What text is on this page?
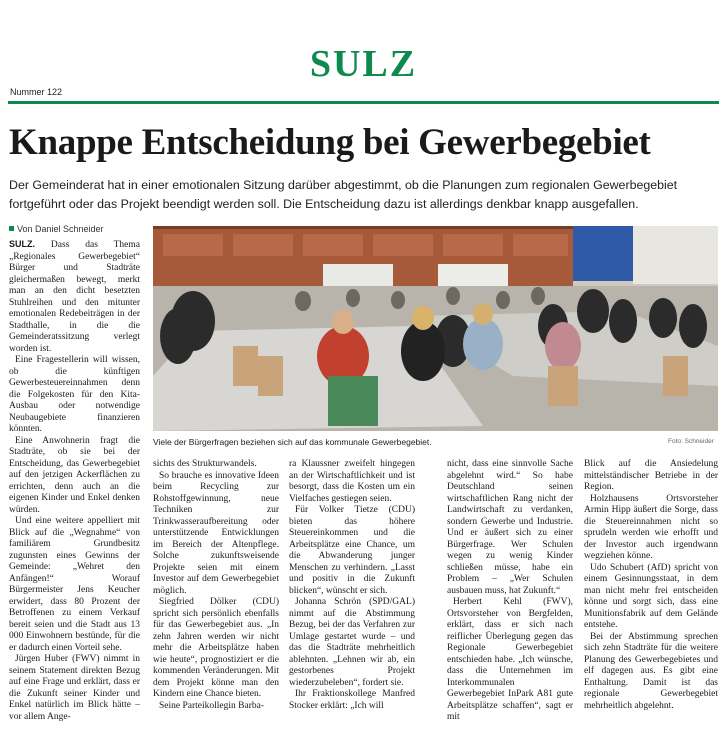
SULZ
Nummer 122
Knappe Entscheidung bei Gewerbegebiet
Der Gemeinderat hat in einer emotionalen Sitzung darüber abgestimmt, ob die Planungen zum regionalen Gewerbegebiet fortgeführt oder das Projekt beendigt werden soll. Die Entscheidung dazu ist allerdings denkbar knapp ausgefallen.
Von Daniel Schneider

SULZ. Dass das Thema „Regionales Gewerbegebiet“ Bürger und Stadträte gleichermaßen bewegt, merkt man an den dicht besetzten Stuhlreihen und den mitunter emotionalen Redebeiträgen in der Stadthalle, in die die Gemeinderatssitzung verlegt worden ist.

Eine Fragestellerin will wissen, ob die künftigen Gewerbesteuereinnahmen denn die Folgekosten für den Kita-Ausbau oder notwendige Neubaugebiete finanzieren könnten.

Eine Anwohnerin fragt die Stadträte, ob sie bei der Entscheidung, das Gewerbegebiet auf den jetzigen Ackerflächen zu errichten, denn auch an die eigenen Kinder und Enkel denken würden.

Und eine weitere appelliert mit Blick auf die „Wegnahme“ von familiärem Grundbesitz zugunsten eines Gewinns der Gemeinde: „Wehret den Anfängen!“ Worauf Bürgermeister Jens Keucher erwidert, dass 80 Prozent der Betroffenen zu einem Verkauf bereit seien und die Stadt aus 13 000 Einwohnern bestünde, für die er dadurch einen Vorteil sehe.

Jürgen Huber (FWV) nimmt in seinem Statement direkten Bezug auf eine Frage und erklärt, dass er die Zukunft seiner Kinder und Enkel natürlich im Blick hätte – vor allem Ange-

Viele der Bürgerfragen beziehen sich auf das kommunale Gewerbegebiet.	Foto: Schneider

sichts des Strukturwandels.

So brauche es innovative Ideen beim Recycling zur Rohstoffgewinnung, neue Techniken zur Trinkwasseraufbereitung oder unterstützende Entwicklungen im Bereich der Altenpflege. Solche zukunftsweisende Projekte seien mit einem Investor auf dem Gewerbegebiet möglich.

Siegfried Dölker (CDU) spricht sich persönlich ebenfalls für das Gewerbegebiet aus. „In zehn Jahren werden wir nicht mehr die Arbeitsplätze haben wie heute“, prognostiziert er die kommenden Veränderungen. Mit dem Projekt könne man den Kindern eine Chance bieten.

Seine Parteikollegin Barba-

ra Klaussner zweifelt hingegen an der Wirtschaftlichkeit und ist besorgt, dass die Kosten um ein Vielfaches gestiegen seien.

Für Volker Tietze (CDU) bieten das höhere Steuereinkommen und die Arbeitsplätze eine Chance, um die Abwanderung junger Menschen zu verhindern. „Lasst und positiv in die Zukunft blicken“, wünscht er sich.

Johanna Schrön (SPD/GAL) nimmt auf die Abstimmung Bezug, bei der das Verfahren zur Umlage gestartet wurde – und das die Stadträte mehrheitlich ablehnten. „Lehnen wir ab, ein gestorbenes Projekt wiederzubeleben“, fordert sie.

Ihr Fraktionskollege Manfred Stocker erklärt: „Ich will

nicht, dass eine sinnvolle Sache abgelehnt wird.“ So habe Deutschland seinen wirtschaftlichen Rang nicht der Landwirtschaft zu verdanken, sondern Gewerbe und Industrie. Und er äußert sich zu einer Bürgerfrage. Wer Schulen wegen zu wenig Kinder schließen müsse, habe ein Problem – „Wer Schulen ausbauen muss, hat Zukunft.“

Herbert Kehl (FWV), Ortsvorsteher von Bergfelden, erklärt, dass er sich nach reiflicher Überlegung gegen das Regionale Gewerbegebiet entschieden habe. „Ich wünsche, dass die Unternehmen im Interkommunalen Gewerbegebiet InPark A81 gute Arbeitsplätze schaffen“, sagt er mit

Blick auf die Ansiedelung mittelständischer Betriebe in der Region.

Holzhausens Ortsvorsteher Armin Hipp äußert die Sorge, dass die Steuereinnahmen nicht so sprudeln werden wie erhofft und der Investor auch irgendwann wegziehen könne.

Udo Schubert (AfD) spricht von einem Gesinnungsstaat, in dem man nicht mehr frei entscheiden könne und sorgt sich, dass eine Munitionsfabrik auf dem Gelände entstehe.

Bei der Abstimmung sprechen sich zehn Stadträte für die weitere Planung des Gewerbegebietes und elf dagegen aus. Es gibt eine Enthaltung. Damit ist das regionale Gewerbegebiet mehrheitlich abgelehnt.
